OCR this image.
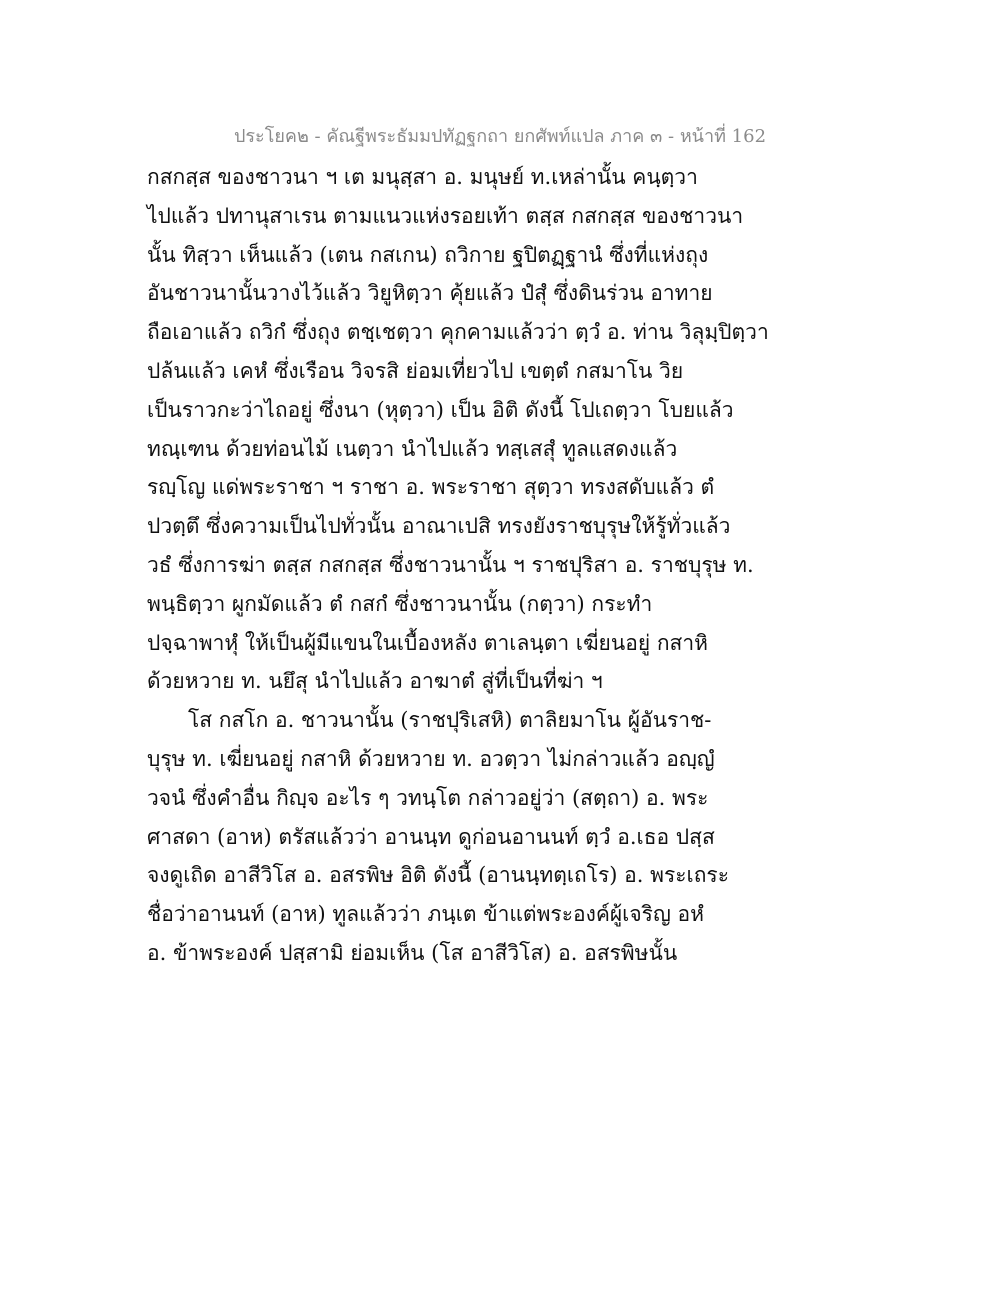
ประโยค๒ - คัณฐีพระธัมมปทัฏฐกถา ยกศัพท์แปล ภาค ๓ - หน้าที่ 162
กสกสฺส ของชาวนา ฯ เต มนุสฺสา อ. มนุษย์ ท.เหล่านั้น คนฺตฺวา
ไปแล้ว ปทานุสาเรน ตามแนวแห่งรอยเท้า ตสฺส กสกสฺส ของชาวนา
นั้น ทิสฺวา เห็นแล้ว (เตน กสเกน) ถวิกาย ฐปิตฏฺฐานํ ซึ่งที่แห่งถุง
อันชาวนานั้นวางไว้แล้ว วิยูหิตฺวา คุ้ยแล้ว ปํสุํ ซึ่งดินร่วน อาทาย
ถือเอาแล้ว ถวิกํ ซึ่งถุง ตชฺเชตฺวา คุกคามแล้วว่า ตฺวํ อ. ท่าน วิลุมฺปิตฺวา
ปล้นแล้ว เคหํ ซึ่งเรือน วิจรสิ ย่อมเที่ยวไป เขตฺตํ กสมาโน วิย
เป็นราวกะว่าไถอยู่ ซึ่งนา (หุตฺวา) เป็น อิติ ดังนี้ โปเถตฺวา โบยแล้ว
ทณฺเฑน ด้วยท่อนไม้ เนตฺวา นำไปแล้ว ทสฺเสสุํ ทูลแสดงแล้ว
รญฺโญ แด่พระราชา ฯ ราชา อ. พระราชา สุตฺวา ทรงสดับแล้ว ตํ
ปวตฺตึ ซึ่งความเป็นไปทั่วนั้น อาณาเปสิ ทรงยังราชบุรุษให้รู้ทั่วแล้ว
วธํ ซึ่งการฆ่า ตสฺส กสกสฺส ซึ่งชาวนานั้น ฯ ราชปุริสา อ. ราชบุรุษ ท.
พนฺธิตฺวา ผูกมัดแล้ว ตํ กสกํ ซึ่งชาวนานั้น (กตฺวา) กระทำ
ปจฺฉาพาหุํ ให้เป็นผู้มีแขนในเบื้องหลัง ตาเลนฺตา เฆี่ยนอยู่ กสาหิ
ด้วยหวาย ท. นยึสุ นำไปแล้ว อาฆาตํ สู่ที่เป็นที่ฆ่า ฯ
โส กสโก อ. ชาวนานั้น (ราชปุริเสหิ) ตาลิยมาโน ผู้อันราช-
บุรุษ ท. เฆี่ยนอยู่ กสาหิ ด้วยหวาย ท. อวตฺวา ไม่กล่าวแล้ว อญฺญํ
วจนํ ซึ่งคำอื่น กิญฺจ อะไร ๆ วทนฺโต กล่าวอยู่ว่า (สตฺถา) อ. พระ
ศาสดา (อาห) ตรัสแล้วว่า อานนฺท ดูก่อนอานนท์ ตฺวํ อ.เธอ ปสฺส
จงดูเถิด อาสีวิโส อ. อสรพิษ อิติ ดังนี้ (อานนฺทตฺเถโร) อ. พระเถระ
ชื่อว่าอานนท์ (อาห) ทูลแล้วว่า ภนฺเต ข้าแต่พระองค์ผู้เจริญ อหํ
อ. ข้าพระองค์ ปสฺสามิ ย่อมเห็น (โส อาสีวิโส) อ. อสรพิษนั้น
